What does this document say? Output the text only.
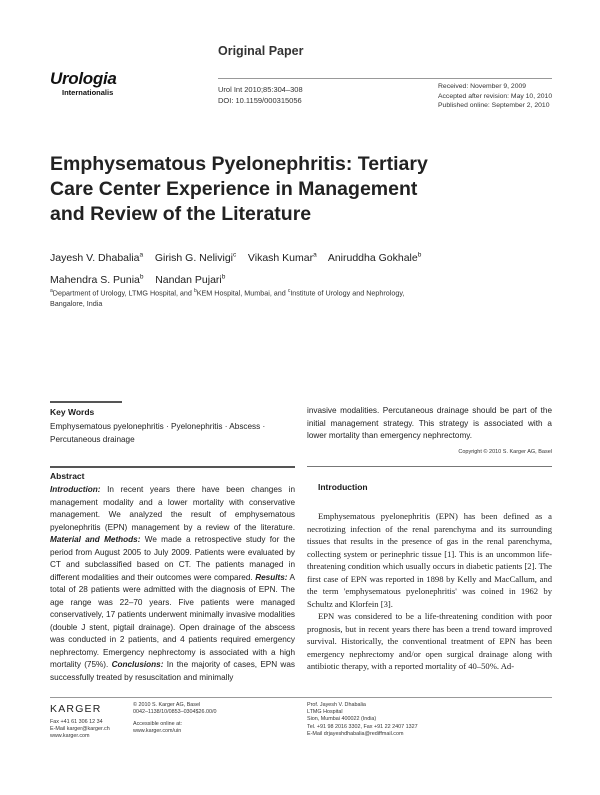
Original Paper
Urologia
Internationalis	Urol Int 2010;85:304–308
DOI: 10.1159/000315056
Received: November 9, 2009
Accepted after revision: May 10, 2010
Published online: September 2, 2010
Emphysematous Pyelonephritis: Tertiary
Care Center Experience in Management
and Review of the Literature
Jayesh V. Dhabalia$^a$ Girish G. Nelivigi$^c$ Vikash Kumar$^a$ Aniruddha Gokhale$^b$
Mahendra S. Punia$^b$ Nandan Pujari$^b$
$^a$Department of Urology, LTMG Hospital, and $^b$KEM Hospital, Mumbai, and $^c$Institute of Urology and Nephrology,
Bangalore, India
Key Words
Emphysematous pyelonephritis · Pyelonephritis · Abscess ·
Percutaneous drainage
invasive modalities. Percutaneous drainage should be part of the initial management strategy. This strategy is associated with a lower mortality than emergency nephrectomy.
Copyright © 2010 S. Karger AG, Basel
Abstract
Introduction: In recent years there have been changes in management modality and a lower mortality with conservative management. We analyzed the result of emphysematous pyelonephritis (EPN) management by a review of the literature. Material and Methods: We made a retrospective study for the period from August 2005 to July 2009. Patients were evaluated by CT and subclassified based on CT. The patients managed in different modalities and their outcomes were compared. Results: A total of 28 patients were admitted with the diagnosis of EPN. The age range was 22–70 years. Five patients were managed conservatively, 17 patients underwent minimally invasive modalities (double J stent, pigtail drainage). Open drainage of the abscess was conducted in 2 patients, and 4 patients required emergency nephrectomy. Emergency nephrectomy is associated with a high mortality (75%). Conclusions: In the majority of cases, EPN was successfully treated by resuscitation and minimally
Introduction

Emphysematous pyelonephritis (EPN) has been defined as a necrotizing infection of the renal parenchyma and its surrounding tissues that results in the presence of gas in the renal parenchyma, collecting system or perinephric tissue [1]. This is an uncommon life-threatening condition which usually occurs in diabetic patients [2]. The first case of EPN was reported in 1898 by Kelly and MacCallum, and the term 'emphysematous pyelonephritis' was coined in 1962 by Schultz and Klorfein [3].

EPN was considered to be a life-threatening condition with poor prognosis, but in recent years there has been a trend toward improved survival. Historically, the conventional treatment of EPN has been emergency nephrectomy and/or open surgical drainage along with antibiotic therapy, with a reported mortality of 40–50%. Ad-

KARGER
Fax +41 61 306 12 34
E-Mail karger@karger.ch
www.karger.com
© 2010 S. Karger AG, Basel
0042–1138/10/0853–0304$26.00/0
Accessible online at:
www.karger.com/uin
Prof. Jayesh V. Dhabalia
LTMG Hospital
Sion, Mumbai 400022 (India)
Tel. +91 98 2016 3302, Fax +91 22 2407 1327
E-Mail drjayeshdhabalia@rediffmail.com
